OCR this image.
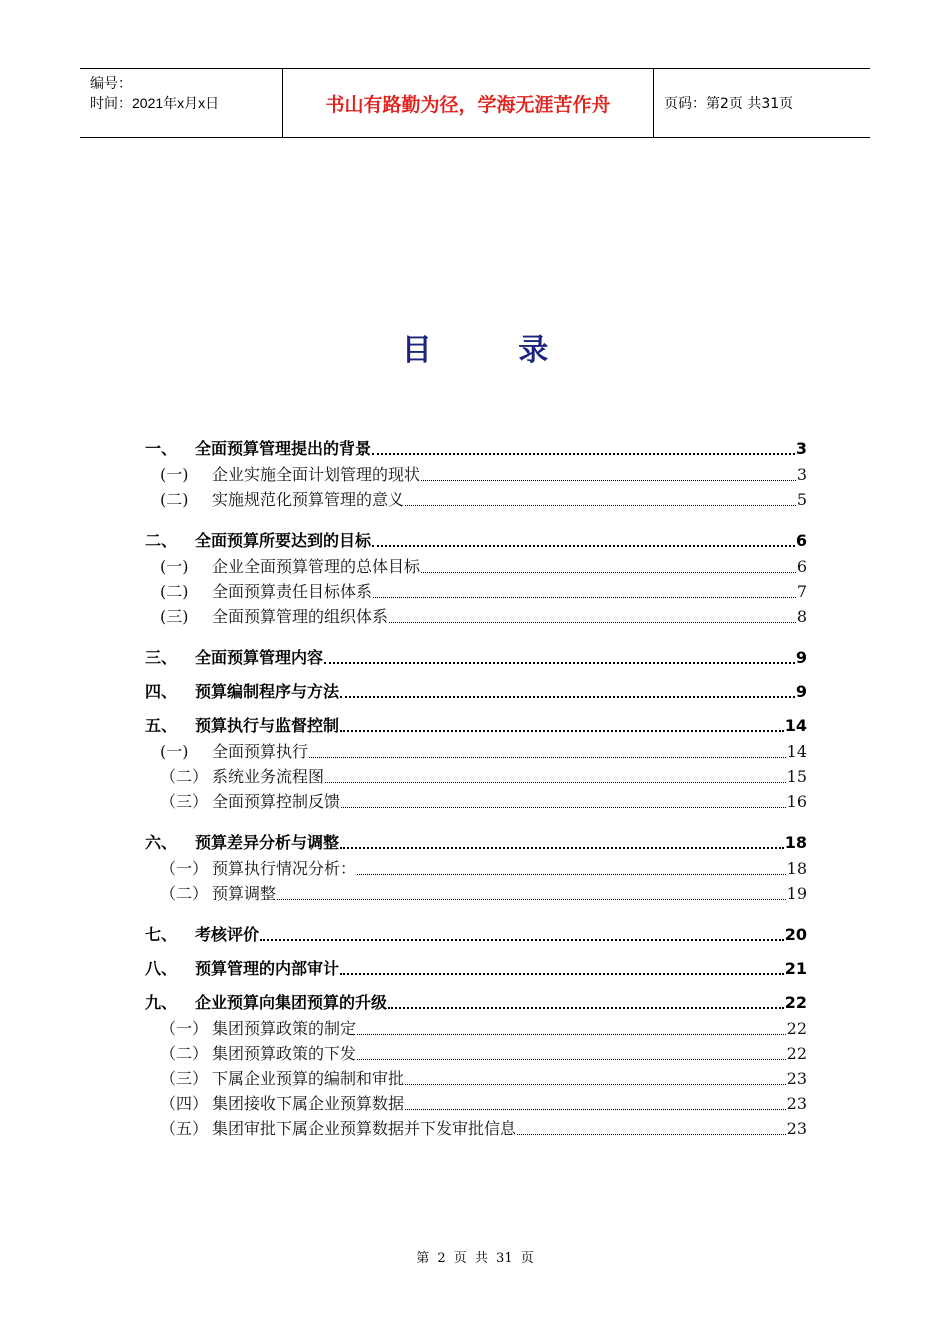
编号：
时间：2021年x月x日	书山有路勤为径，学海无涯苦作舟	页码：第2页 共31页
目 录
一、	全面预算管理提出的背景	3
(一)	企业实施全面计划管理的现状	3
(二)	实施规范化预算管理的意义	5
二、	全面预算所要达到的目标	6
(一)	企业全面预算管理的总体目标	6
(二)	全面预算责任目标体系	7
(三)	全面预算管理的组织体系	8
三、	全面预算管理内容	9
四、	预算编制程序与方法	9
五、	预算执行与监督控制	14
(一)	全面预算执行	14
（二） 系统业务流程图	15
（三） 全面预算控制反馈	16
六、	预算差异分析与调整	18
（一） 预算执行情况分析：	18
（二） 预算调整	19
七、	考核评价	20
八、	预算管理的内部审计	21
九、	企业预算向集团预算的升级	22
（一） 集团预算政策的制定	22
（二） 集团预算政策的下发	22
（三） 下属企业预算的编制和审批	23
（四） 集团接收下属企业预算数据	23
（五） 集团审批下属企业预算数据并下发审批信息	23
第 2 页 共 31 页
